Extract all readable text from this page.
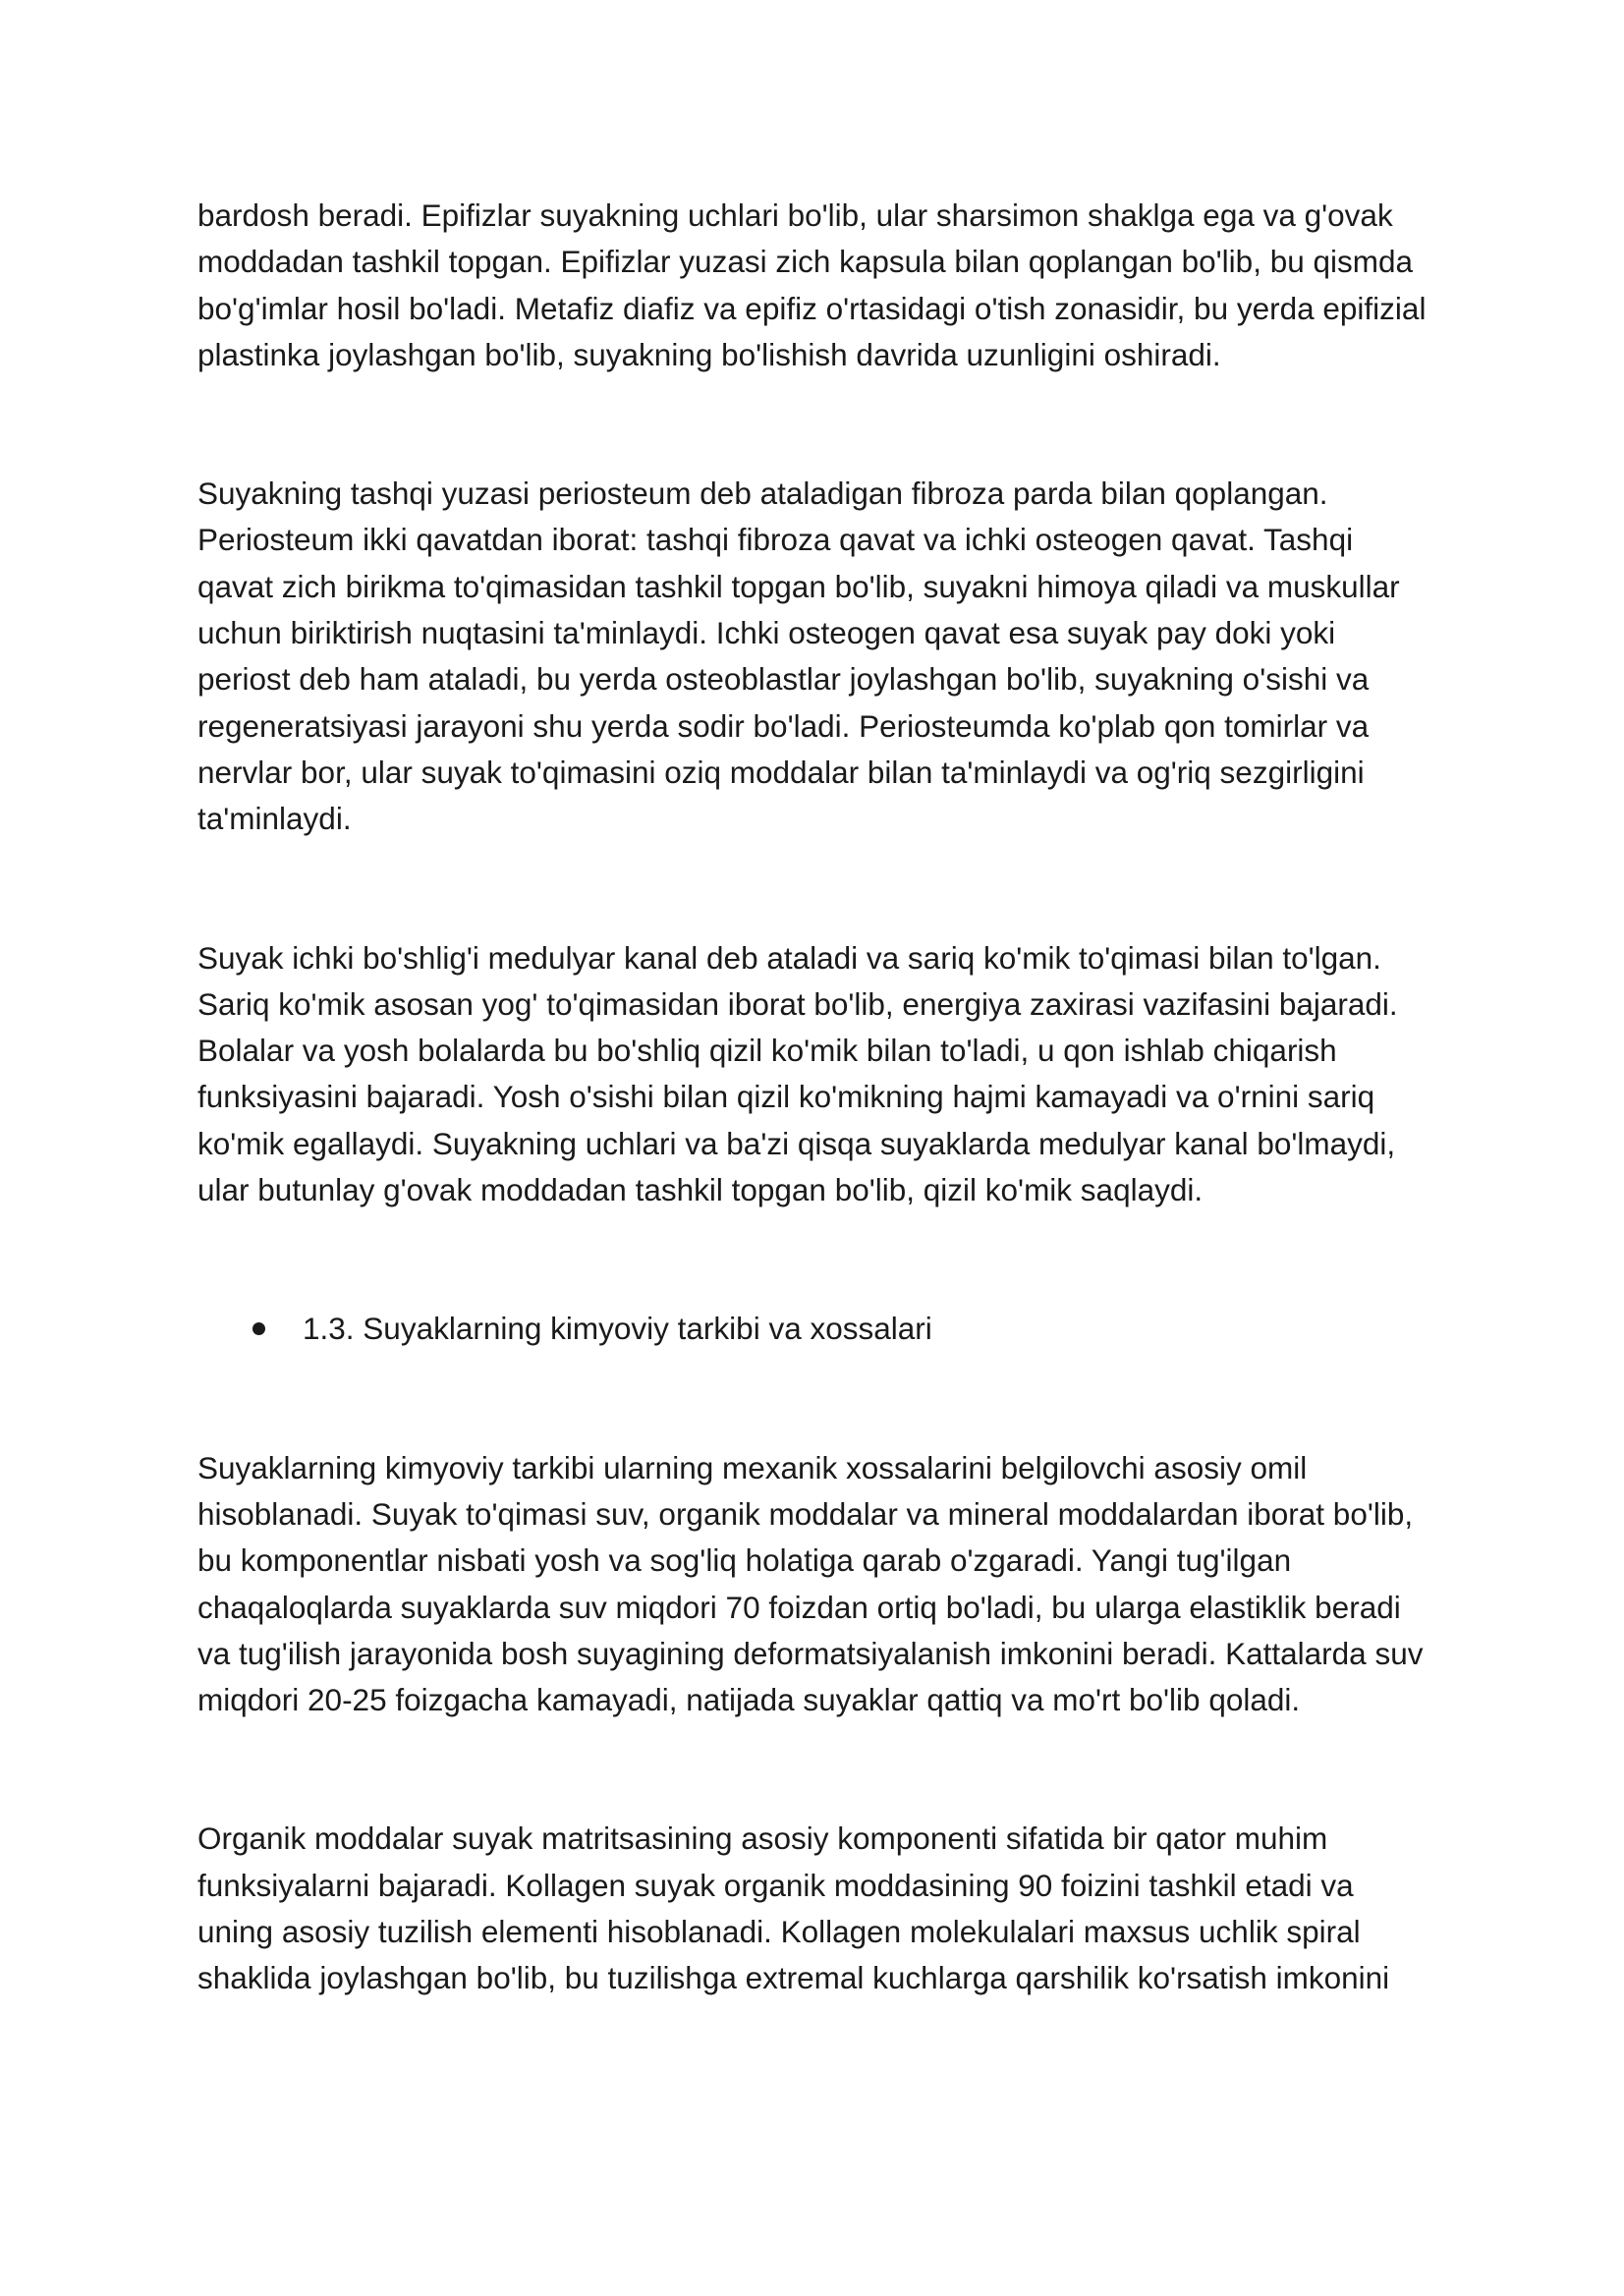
bardosh beradi. Epifizlar suyakning uchlari bo'lib, ular sharsimon shaklga ega va g'ovak moddadan tashkil topgan. Epifizlar yuzasi zich kapsula bilan qoplangan bo'lib, bu qismda bo'g'imlar hosil bo'ladi. Metafiz diafiz va epifiz o'rtasidagi o'tish zonasidir, bu yerda epifizial plastinka joylashgan bo'lib, suyakning bo'lishish davrida uzunligini oshiradi.

Suyakning tashqi yuzasi periosteum deb ataladigan fibroza parda bilan qoplangan. Periosteum ikki qavatdan iborat: tashqi fibroza qavat va ichki osteogen qavat. Tashqi qavat zich birikma to'qimasidan tashkil topgan bo'lib, suyakni himoya qiladi va muskullar uchun biriktirish nuqtasini ta'minlaydi. Ichki osteogen qavat esa suyak pay doki yoki periost deb ham ataladi, bu yerda osteoblastlar joylashgan bo'lib, suyakning o'sishi va regeneratsiyasi jarayoni shu yerda sodir bo'ladi. Periosteumda ko'plab qon tomirlar va nervlar bor, ular suyak to'qimasini oziq moddalar bilan ta'minlaydi va og'riq sezgirligini ta'minlaydi.

Suyak ichki bo'shlig'i medulyar kanal deb ataladi va sariq ko'mik to'qimasi bilan to'lgan. Sariq ko'mik asosan yog' to'qimasidan iborat bo'lib, energiya zaxirasi vazifasini bajaradi. Bolalar va yosh bolalarda bu bo'shliq qizil ko'mik bilan to'ladi, u qon ishlab chiqarish funksiyasini bajaradi. Yosh o'sishi bilan qizil ko'mikning hajmi kamayadi va o'rnini sariq ko'mik egallaydi. Suyakning uchlari va ba'zi qisqa suyaklarda medulyar kanal bo'lmaydi, ular butunlay g'ovak moddadan tashkil topgan bo'lib, qizil ko'mik saqlaydi.

1.3. Suyaklarning kimyoviy tarkibi va xossalari

Suyaklarning kimyoviy tarkibi ularning mexanik xossalarini belgilovchi asosiy omil hisoblanadi. Suyak to'qimasi suv, organik moddalar va mineral moddalardan iborat bo'lib, bu komponentlar nisbati yosh va sog'liq holatiga qarab o'zgaradi. Yangi tug'ilgan chaqaloqlarda suyaklarda suv miqdori 70 foizdan ortiq bo'ladi, bu ularga elastiklik beradi va tug'ilish jarayonida bosh suyagining deformatsiyalanish imkonini beradi. Kattalarda suv miqdori 20-25 foizgacha kamayadi, natijada suyaklar qattiq va mo'rt bo'lib qoladi.

Organik moddalar suyak matritsasining asosiy komponenti sifatida bir qator muhim funksiyalarni bajaradi. Kollagen suyak organik moddasining 90 foizini tashkil etadi va uning asosiy tuzilish elementi hisoblanadi. Kollagen molekulalari maxsus uchlik spiral shaklida joylashgan bo'lib, bu tuzilishga extremal kuchlarga qarshilik ko'rsatish imkonini
